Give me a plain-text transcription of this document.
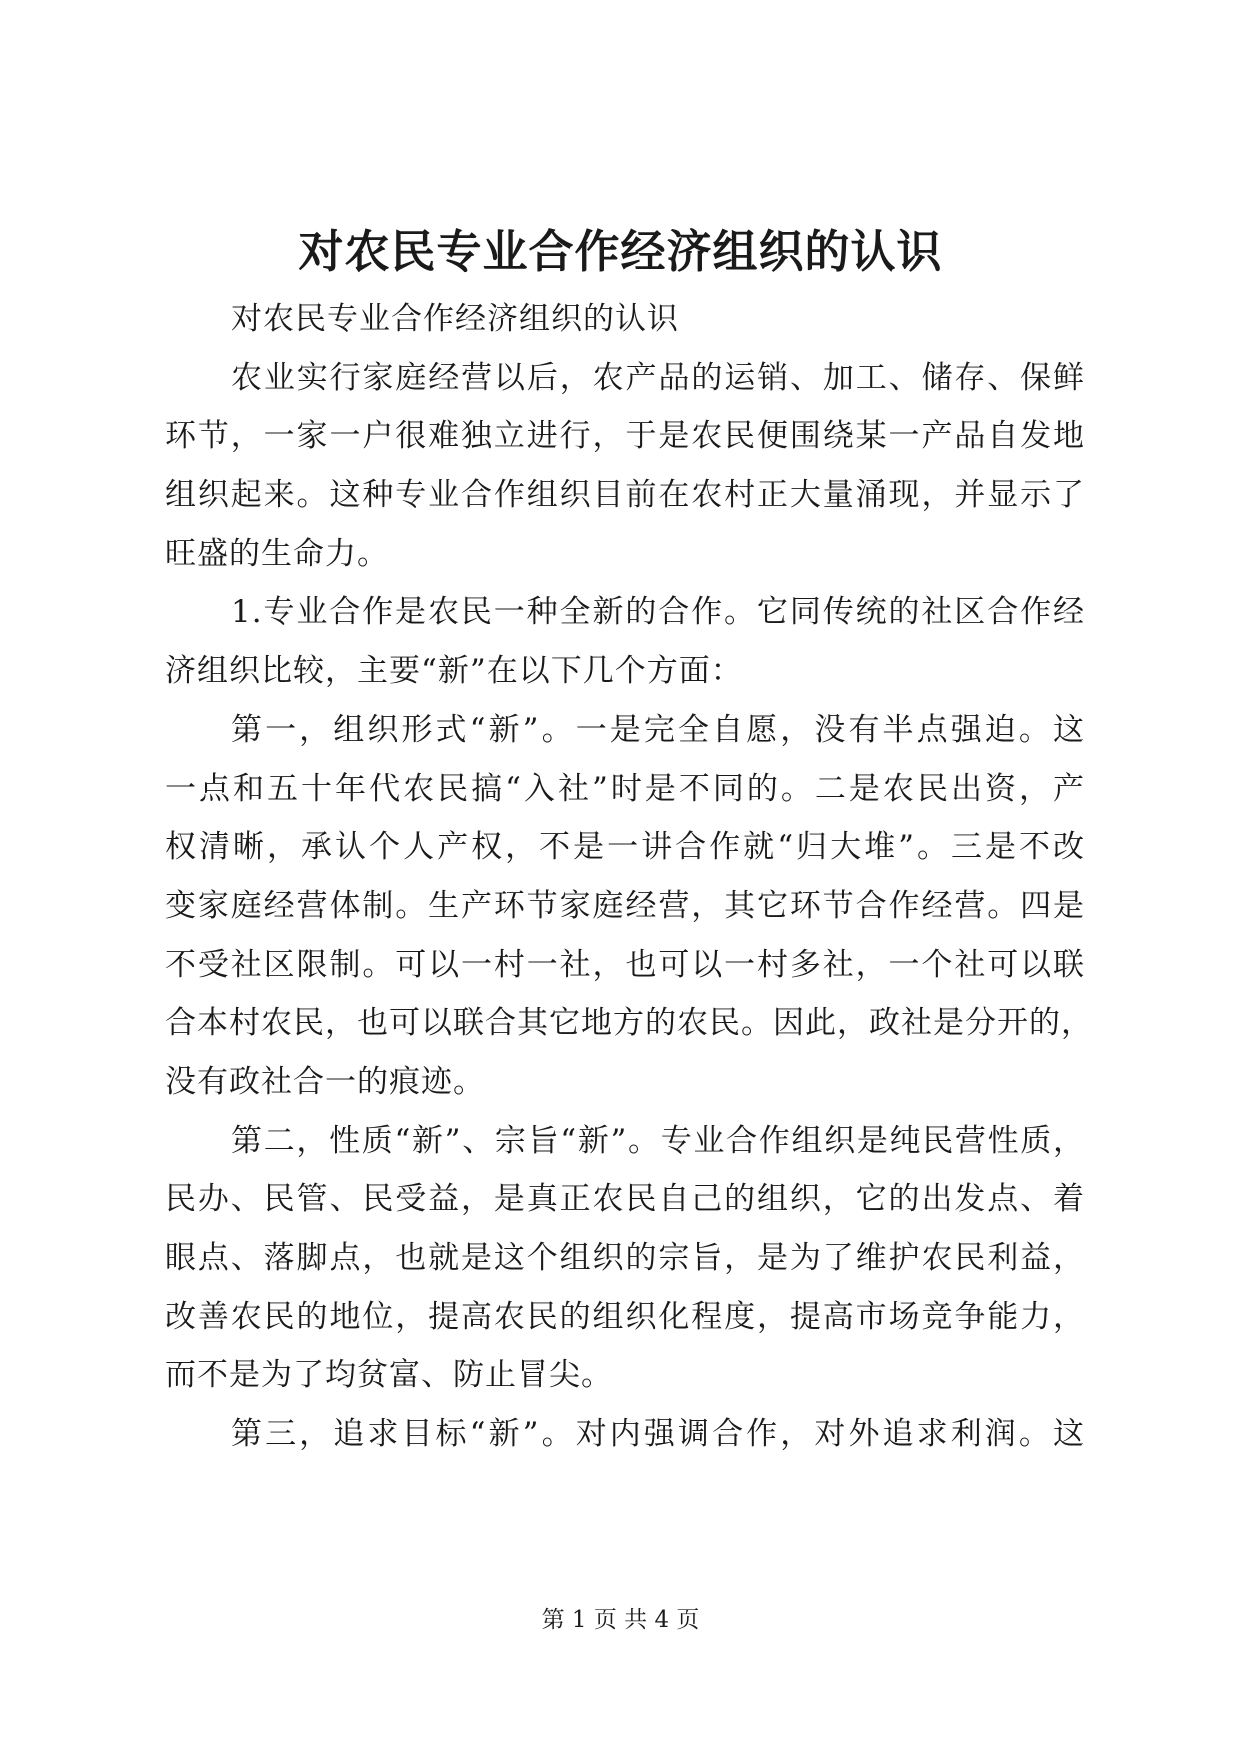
对农民专业合作经济组织的认识
对农民专业合作经济组织的认识
农业实行家庭经营以后，农产品的运销、加工、储存、保鲜
环节，一家一户很难独立进行，于是农民便围绕某一产品自发地
组织起来。这种专业合作组织目前在农村正大量涌现，并显示了
旺盛的生命力。
1.专业合作是农民一种全新的合作。它同传统的社区合作经
济组织比较，主要“新”在以下几个方面：
第一，组织形式“新”。一是完全自愿，没有半点强迫。这
一点和五十年代农民搞“入社”时是不同的。二是农民出资，产
权清晰，承认个人产权，不是一讲合作就“归大堆”。三是不改
变家庭经营体制。生产环节家庭经营，其它环节合作经营。四是
不受社区限制。可以一村一社，也可以一村多社，一个社可以联
合本村农民，也可以联合其它地方的农民。因此，政社是分开的，
没有政社合一的痕迹。
第二，性质“新”、宗旨“新”。专业合作组织是纯民营性质，
民办、民管、民受益，是真正农民自己的组织，它的出发点、着
眼点、落脚点，也就是这个组织的宗旨，是为了维护农民利益，
改善农民的地位，提高农民的组织化程度，提高市场竞争能力，
而不是为了均贫富、防止冒尖。
第三，追求目标“新”。对内强调合作，对外追求利润。这
第 1 页 共 4 页
